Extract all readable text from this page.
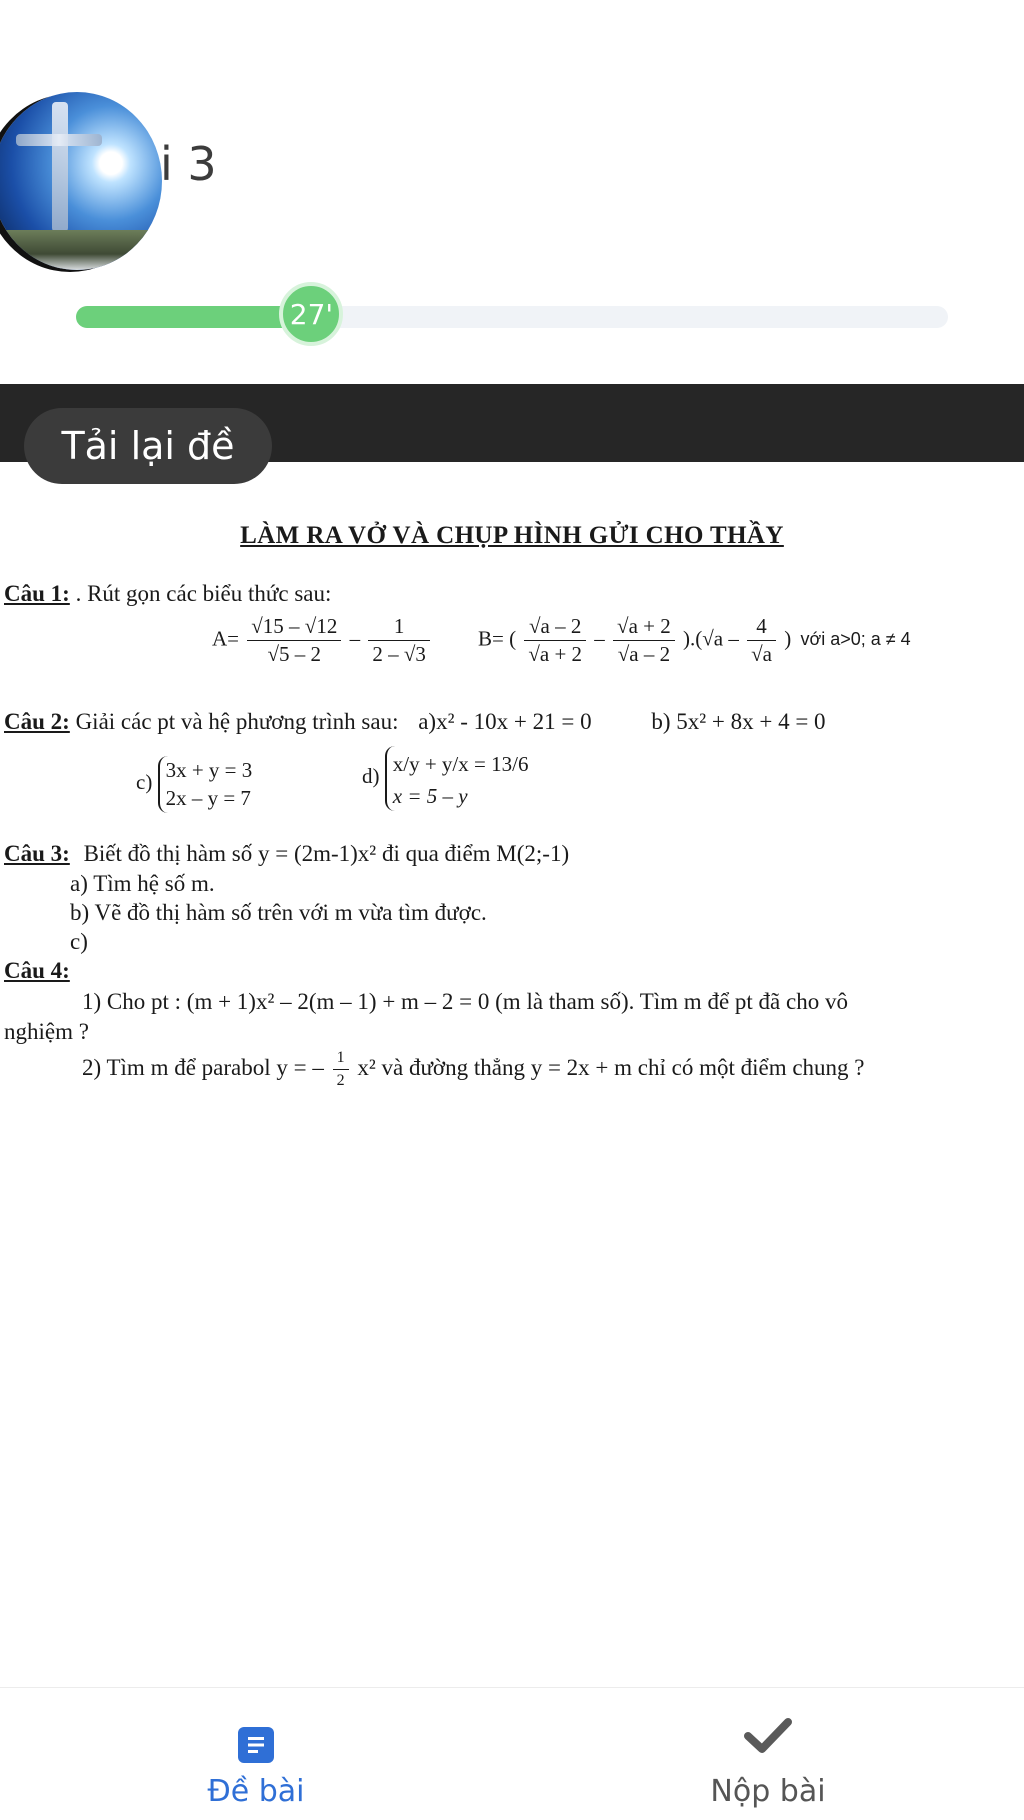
i 3
27'
Tải lại đề
LÀM RA VỞ VÀ CHỤP HÌNH GỬI CHO THẦY
Câu 1: . Rút gọn các biểu thức sau:
$A= \frac{√15 - √12}{√5 - 2} - \frac{1}{2 - √3} B=$ ( $\frac{√a - 2}{√a + 2} - \frac{√a + 2}{√a - 2} ).(√a - \frac{4}{√a}$ ) với a>0; a ≠ 4
Câu 2: Giải các pt và hệ phương trình sau: a)x² - 10x + 21 = 0	b) 5x² + 8x + 4 = 0
c)
3x + y = 3
2x – y = 7
d)
x/y + y/x = 13/6
x = 5 – y
Câu 3: Biết đồ thị hàm số y = (2m-1)x² đi qua điểm M(2;-1)
a) Tìm hệ số m.
b) Vẽ đồ thị hàm số trên với m vừa tìm được.
c)
Câu 4:
1) Cho pt : (m + 1)x² – 2(m – 1) + m – 2 = 0 (m là tham số). Tìm m để pt đã cho vô
nghiệm ?
2) Tìm m để parabol y = – $\frac{1}{2} x^2$ và đường thẳng y = 2x + m chỉ có một điểm chung ?
Đề bài	Nộp bài
